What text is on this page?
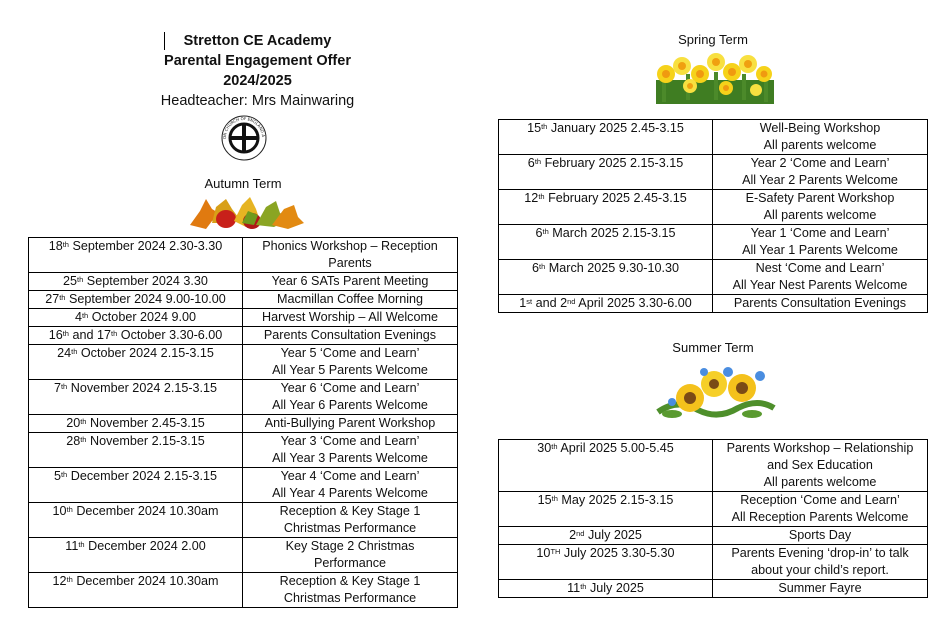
Stretton CE Academy
Parental Engagement Offer
2024/2025
Headteacher: Mrs Mainwaring
ON CHURCH OF ENGLAND A
Autumn Term
18th September 2024 2.30-3.30	Phonics Workshop – Reception Parents

25th September 2024 3.30	Year 6 SATs Parent Meeting

27th September 2024 9.00-10.00	Macmillan Coffee Morning

4th October 2024 9.00	Harvest Worship – All Welcome

16th and 17th October 3.30-6.00	Parents Consultation Evenings

24th October 2024 2.15-3.15	Year 5 ‘Come and Learn’
All Year 5 Parents Welcome

7th November 2024 2.15-3.15	Year 6 ‘Come and Learn’
All Year 6 Parents Welcome

20th November 2.45-3.15	Anti-Bullying Parent Workshop

28th November 2.15-3.15	Year 3 ‘Come and Learn’
All Year 3 Parents Welcome

5th December 2024 2.15-3.15	Year 4 ‘Come and Learn’
All Year 4 Parents Welcome

10th December 2024 10.30am	Reception & Key Stage 1
Christmas Performance

11th December 2024 2.00	Key Stage 2 Christmas
Performance

12th December 2024 10.30am	Reception & Key Stage 1
Christmas Performance
Spring Term
15th January 2025 2.45-3.15	Well-Being Workshop
All parents welcome

6th February 2025 2.15-3.15	Year 2 ‘Come and Learn’
All Year 2 Parents Welcome

12th February 2025 2.45-3.15	E-Safety Parent Workshop
All parents welcome

6th March 2025 2.15-3.15	Year 1 ‘Come and Learn’
All Year 1 Parents Welcome

6th March 2025 9.30-10.30	Nest ‘Come and Learn’
All Year Nest Parents Welcome

1st and 2nd April 2025 3.30-6.00	Parents Consultation Evenings
Summer Term
30th April 2025 5.00-5.45	Parents Workshop – Relationship and Sex Education
All parents welcome

15th May 2025 2.15-3.15	Reception ‘Come and Learn’
All Reception Parents Welcome

2nd July 2025	Sports Day

10TH July 2025 3.30-5.30	Parents Evening ‘drop-in’ to talk about your child’s report.

11th July 2025	Summer Fayre
